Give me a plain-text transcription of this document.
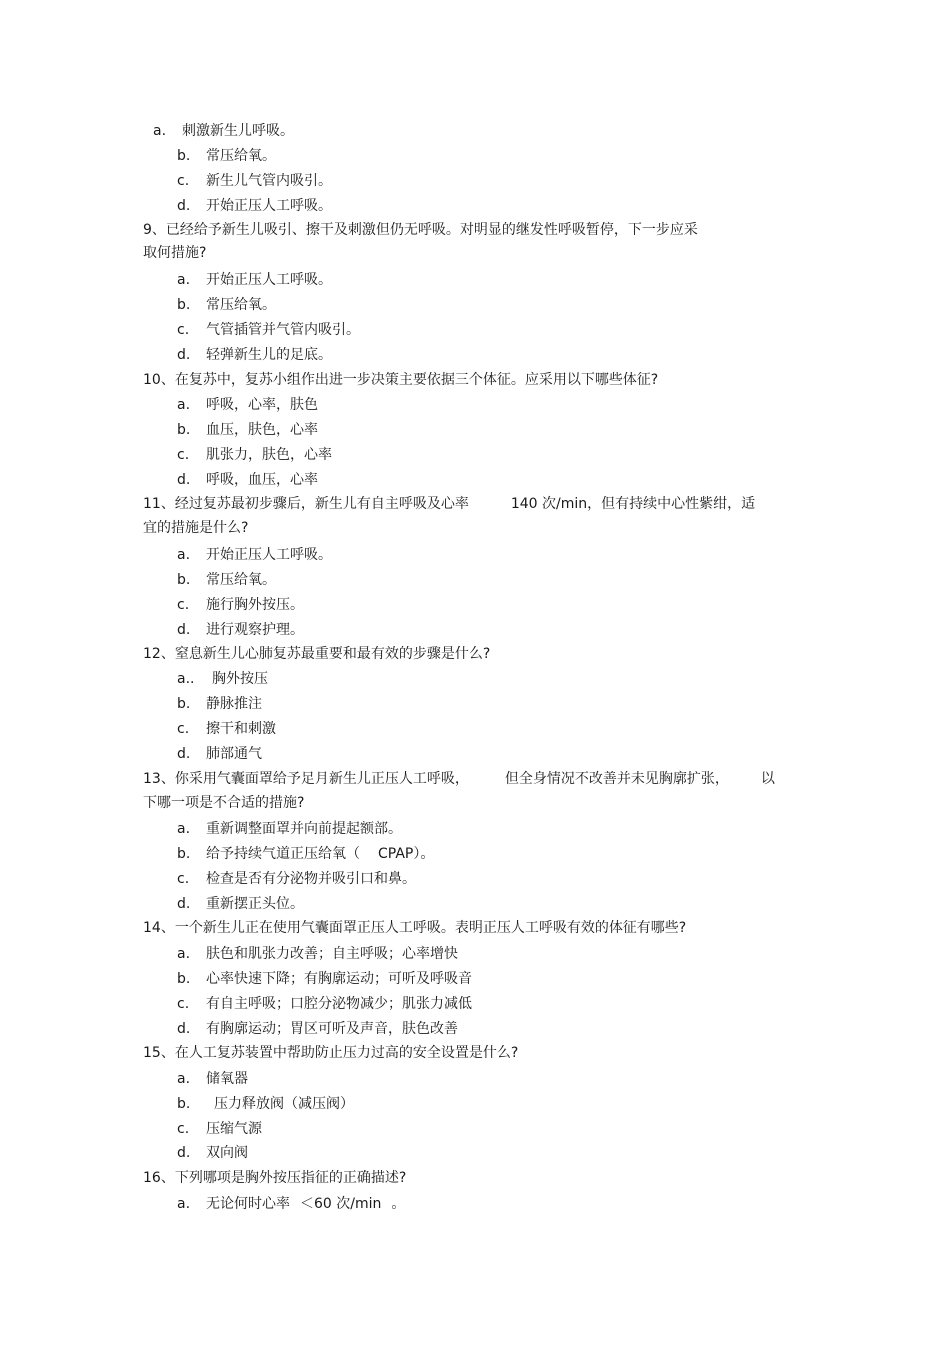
a. 刺激新生儿呼吸。
b. 常压给氧。
c. 新生儿气管内吸引。
d. 开始正压人工呼吸。
9、已经给予新生儿吸引、擦干及刺激但仍无呼吸。对明显的继发性呼吸暂停，下一步应采
取何措施?
a. 开始正压人工呼吸。
b. 常压给氧。
c. 气管插管并气管内吸引。
d. 轻弹新生儿的足底。
10、在复苏中，复苏小组作出进一步决策主要依据三个体征。应采用以下哪些体征?
a. 呼吸，心率，肤色
b. 血压，肤色，心率
c. 肌张力，肤色，心率
d. 呼吸，血压，心率
11、经过复苏最初步骤后，新生儿有自主呼吸及心率	140 次/min，但有持续中心性紫绀，适
宜的措施是什么?
a. 开始正压人工呼吸。
b. 常压给氧。
c. 施行胸外按压。
d. 进行观察护理。
12、窒息新生儿心肺复苏最重要和最有效的步骤是什么?
a.. 胸外按压
b. 静脉推注
c. 擦干和刺激
d. 肺部通气
13、你采用气囊面罩给予足月新生儿正压人工呼吸，	但全身情况不改善并未见胸廓扩张， 以
下哪一项是不合适的措施?
a. 重新调整面罩并向前提起额部。
b. 给予持续气道正压给氧（ CPAP）。
c. 检查是否有分泌物并吸引口和鼻。
d. 重新摆正头位。
14、一个新生儿正在使用气囊面罩正压人工呼吸。表明正压人工呼吸有效的体征有哪些?
a. 肤色和肌张力改善；自主呼吸；心率增快
b. 心率快速下降；有胸廓运动；可听及呼吸音
c. 有自主呼吸；口腔分泌物减少；肌张力减低
d. 有胸廓运动；胃区可听及声音，肤色改善
15、在人工复苏装置中帮助防止压力过高的安全设置是什么?
a. 储氧器
b. 压力释放阀（减压阀）
c. 压缩气源
d. 双向阀
16、下列哪项是胸外按压指征的正确描述?
a. 无论何时心率 ＜60 次/min 。
